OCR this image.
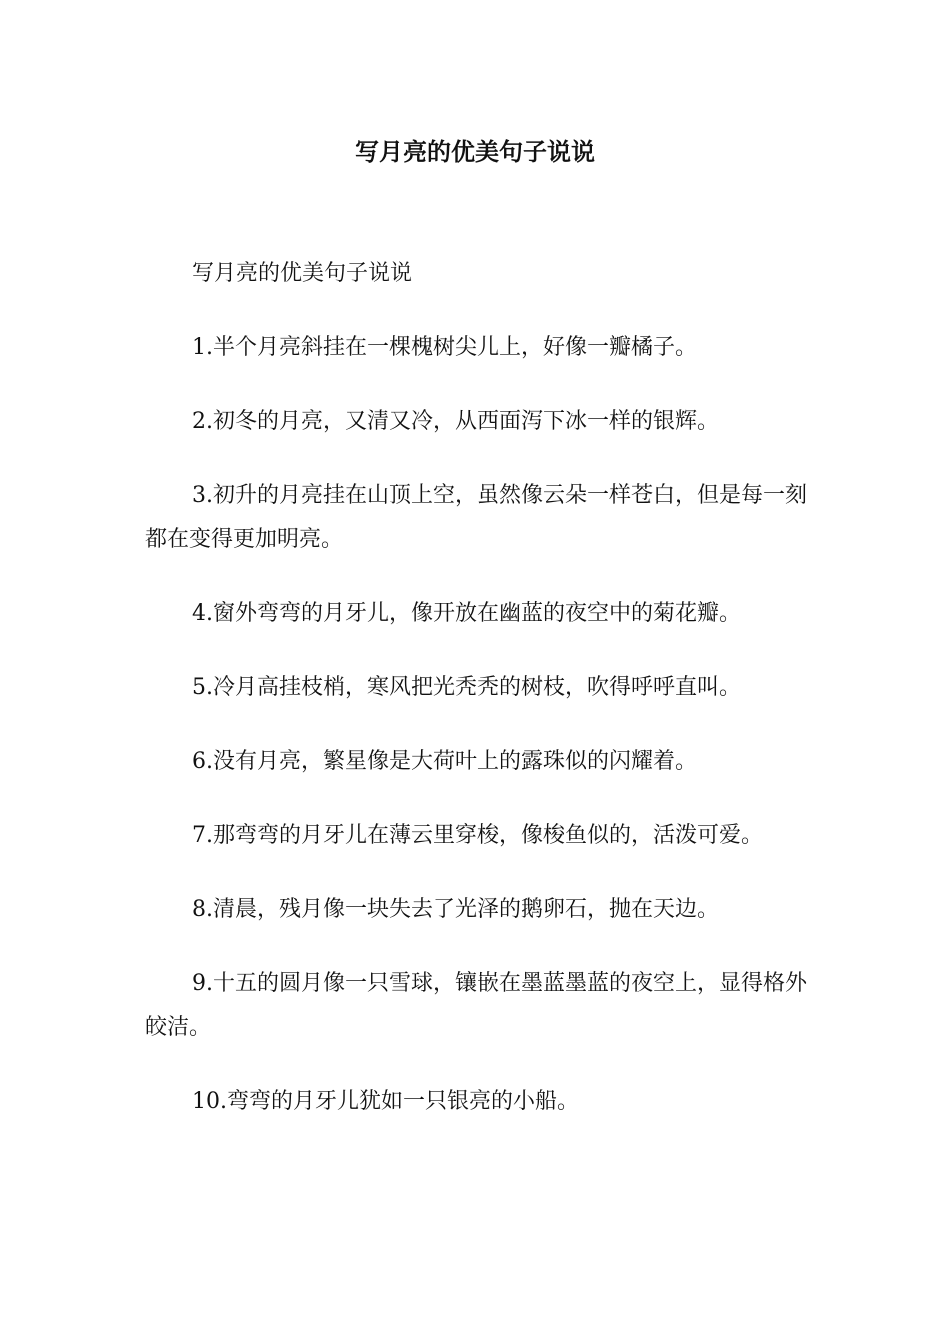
写月亮的优美句子说说

写月亮的优美句子说说

1.半个月亮斜挂在一棵槐树尖儿上，好像一瓣橘子。

2.初冬的月亮，又清又冷，从西面泻下冰一样的银辉。

3.初升的月亮挂在山顶上空，虽然像云朵一样苍白，但是每一刻都在变得更加明亮。

4.窗外弯弯的月牙儿，像开放在幽蓝的夜空中的菊花瓣。

5.冷月高挂枝梢，寒风把光秃秃的树枝，吹得呼呼直叫。

6.没有月亮，繁星像是大荷叶上的露珠似的闪耀着。

7.那弯弯的月牙儿在薄云里穿梭，像梭鱼似的，活泼可爱。

8.清晨，残月像一块失去了光泽的鹅卵石，抛在天边。

9.十五的圆月像一只雪球，镶嵌在墨蓝墨蓝的夜空上，显得格外皎洁。

10.弯弯的月牙儿犹如一只银亮的小船。
